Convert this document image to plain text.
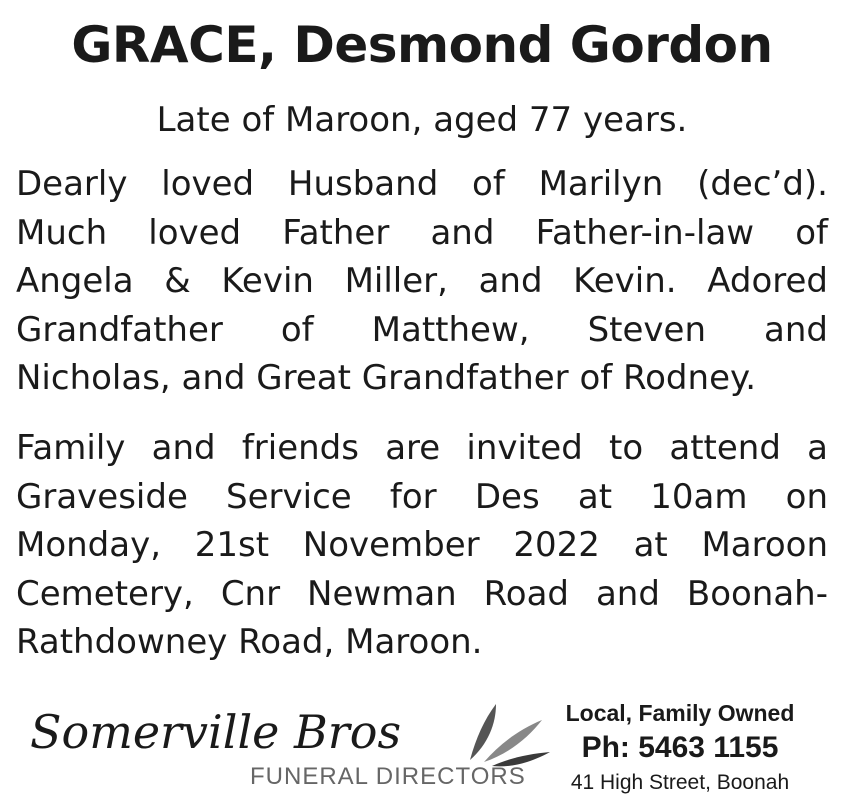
GRACE, Desmond Gordon
Late of Maroon, aged 77 years.
Dearly loved Husband of Marilyn (dec’d).
Much loved Father and Father-in-law of
Angela & Kevin Miller, and Kevin. Adored
Grandfather of Matthew, Steven and
Nicholas, and Great Grandfather of Rodney.
Family and friends are invited to attend a
Graveside Service for Des at 10am on
Monday, 21st November 2022 at Maroon
Cemetery, Cnr Newman Road and Boonah-
Rathdowney Road, Maroon.
Somerville Bros
FUNERAL DIRECTORS
Local, Family Owned
Ph: 5463 1155
41 High Street, Boonah
